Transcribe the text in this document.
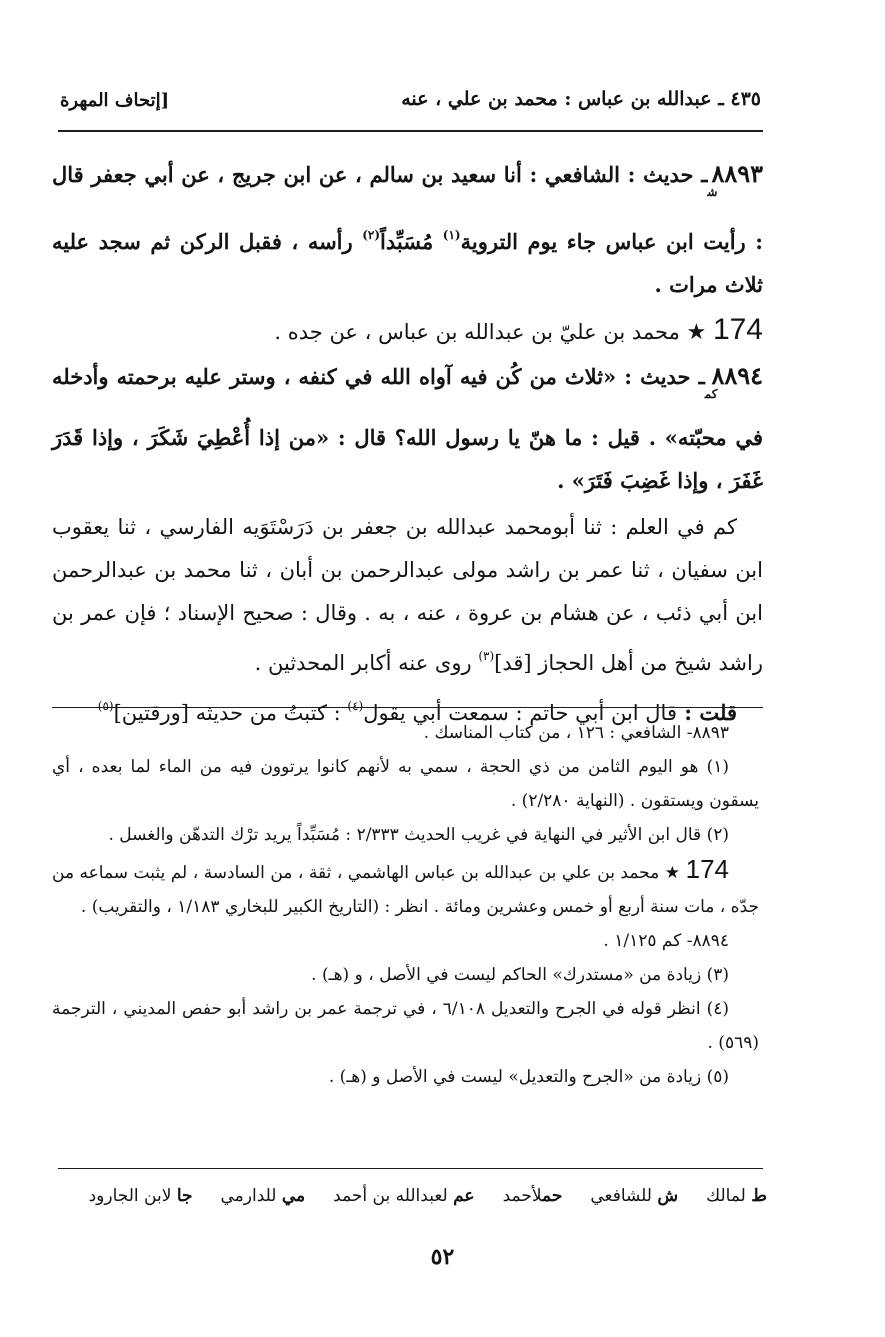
٤٣٥ ـ عبدالله بن عباس : محمد بن علي ، عنه
[إتحاف المهرة

$٨٨٩٣_شـ$ حديث : الشافعي : أنا سعيد بن سالم ، عن ابن جريج ، عن أبي جعفر قال : رأيت ابن عباس جاء يوم التروية$^{(١)}$ مُسَبِّداً$^{(٢)}$ رأسه ، فقبل الركن ثم سجد عليه ثلاث مرات .

174 ★ محمد بن عليّ بن عبدالله بن عباس ، عن جده .

$٨٨٩٤_{كم}ـ$ حديث : «ثلاث من كُن فيه آواه الله في كنفه ، وستر عليه برحمته وأدخله في محبّته» . قيل : ما هنّ يا رسول الله؟ قال : «من إذا أُعْطِيَ شَكَرَ ، وإذا قَدَرَ غَفَرَ ، وإذا غَضِبَ فَتَرَ» .

كم في العلم : ثنا أبومحمد عبدالله بن جعفر بن دَرَسْتَوَيه الفارسي ، ثنا يعقوب ابن سفيان ، ثنا عمر بن راشد مولى عبدالرحمن بن أبان ، ثنا محمد بن عبدالرحمن ابن أبي ذئب ، عن هشام بن عروة ، عنه ، به . وقال : صحيح الإسناد ؛ فإن عمر بن راشد شيخ من أهل الحجاز [قد]$^{(٣)}$ روى عنه أكابر المحدثين .

قلت : قال ابن أبي حاتم : سمعت أبي يقول$^{(٤)}$ : كتبتُ من حديثه [ورقتين]$^{(٥)}$

٨٨٩٣- الشافعي : ١٢٦ ، من كتاب المناسك .

(١) هو اليوم الثامن من ذي الحجة ، سمي به لأنهم كانوا يرتوون فيه من الماء لما بعده ، أي يسقون ويستقون . (النهاية ٢/٢٨٠) .

(٢) قال ابن الأثير في النهاية في غريب الحديث ٢/٣٣٣ : مُسَبِّداً يريد ترْك التدهّن والغسل .

174 ★ محمد بن علي بن عبدالله بن عباس الهاشمي ، ثقة ، من السادسة ، لم يثبت سماعه من جدّه ، مات سنة أربع أو خمس وعشرين ومائة . انظر : (التاريخ الكبير للبخاري ١/١٨٣ ، والتقريب) .

٨٨٩٤- كم ١/١٢٥ .

(٣) زيادة من «مستدرك» الحاكم ليست في الأصل ، و (هـ) .

(٤) انظر قوله في الجرح والتعديل ٦/١٠٨ ، في ترجمة عمر بن راشد أبو حفص المديني ، الترجمة (٥٦٩) .

(٥) زيادة من «الجرح والتعديل» ليست في الأصل و (هـ) .

ط لمالك
ش للشافعي
حملأحمد
عم لعبدالله بن أحمد
مي للدارمي
جا لابن الجارود
٥٢
